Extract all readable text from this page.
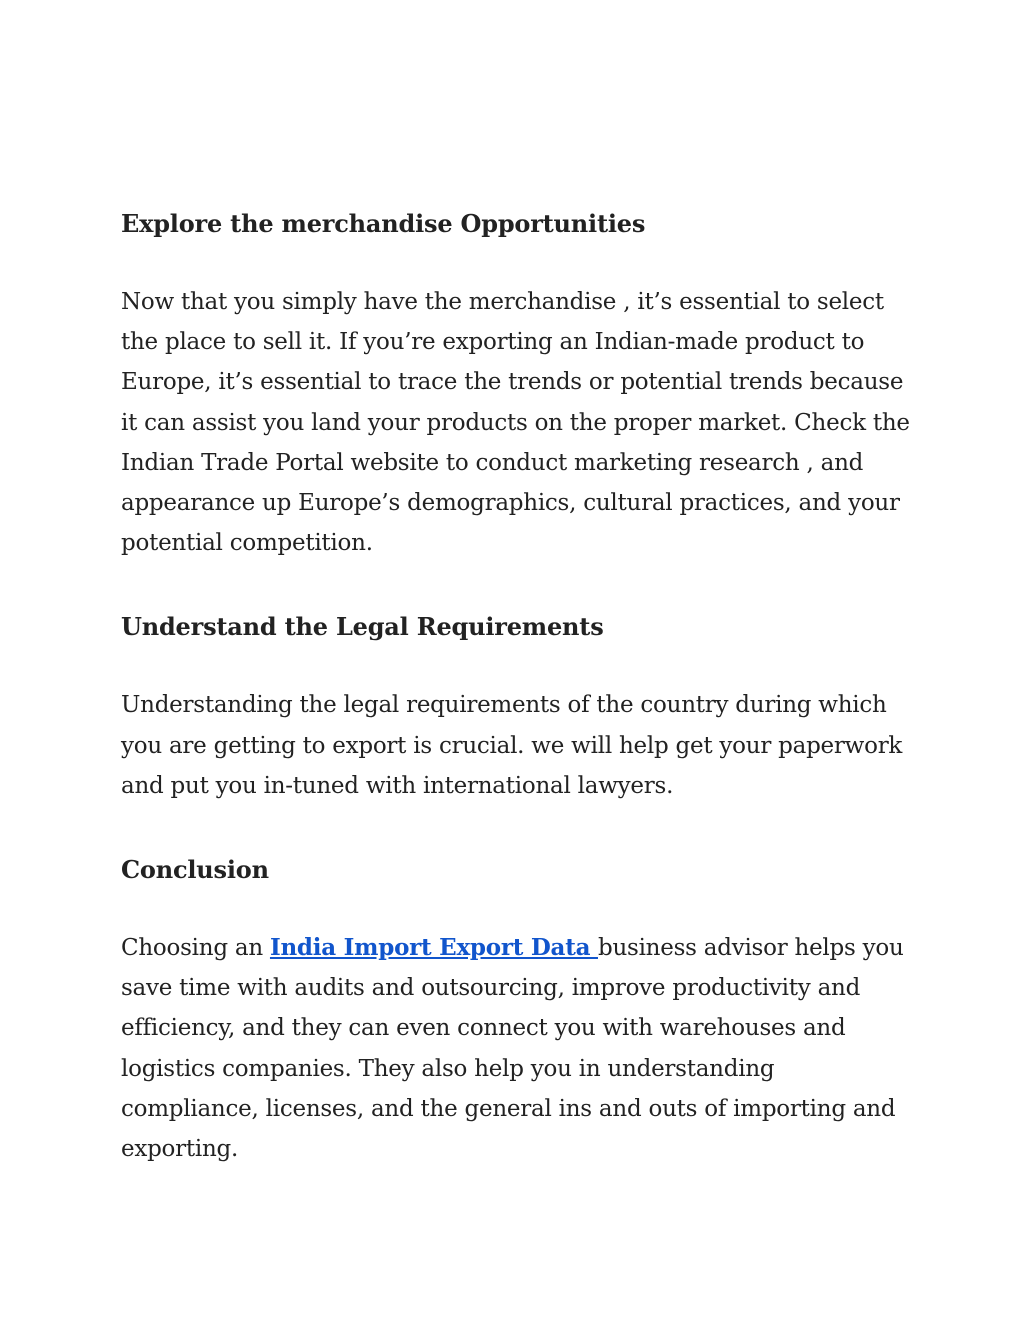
Explore the merchandise Opportunities

Now that you simply have the merchandise , it’s essential to select the place to sell it. If you’re exporting an Indian-made product to Europe, it’s essential to trace the trends or potential trends because it can assist you land your products on the proper market. Check the Indian Trade Portal website to conduct marketing research , and appearance up Europe’s demographics, cultural practices, and your potential competition.

Understand the Legal Requirements

Understanding the legal requirements of the country during which you are getting to export is crucial. we will help get your paperwork and put you in-tuned with international lawyers.

Conclusion

Choosing an India Import Export Data business advisor helps you save time with audits and outsourcing, improve productivity and efficiency, and they can even connect you with warehouses and logistics companies. They also help you in understanding compliance, licenses, and the general ins and outs of importing and exporting.
